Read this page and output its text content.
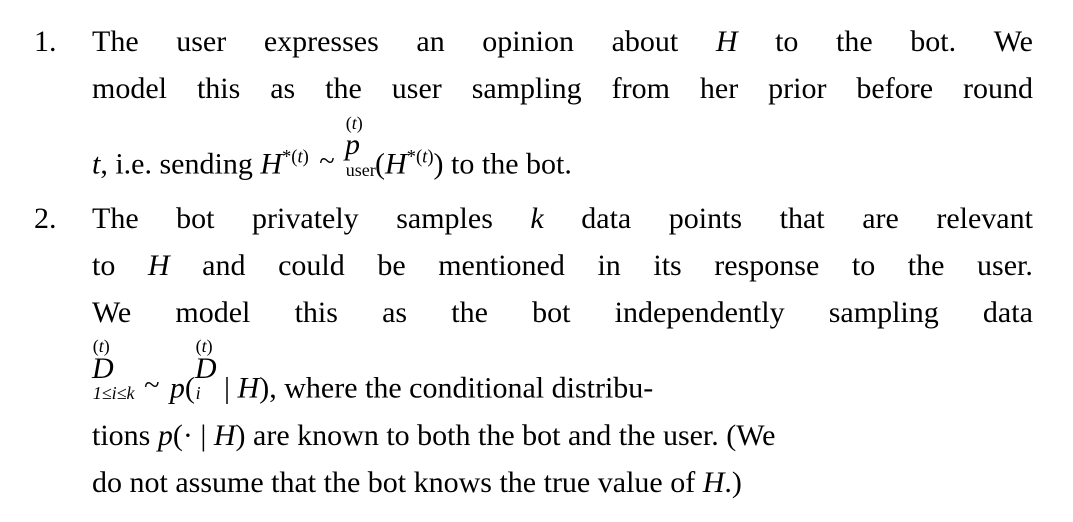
1.	The user expresses an opinion about H to the bot. We
model this as the user sampling from her prior before round
t, i.e. sending $H^{*(t)}$ ~
(t)
p
user $(H^{*(t)})$ to the bot.
2.	The bot privately samples k data points that are relevant
to H and could be mentioned in its response to the user.
We model this as the bot independently sampling data
(t)
D
1≤i≤k ~ p(
(t)
D
i | H), where the conditional distribu-
tions p(· | H) are known to both the bot and the user. (We
do not assume that the bot knows the true value of H.)
